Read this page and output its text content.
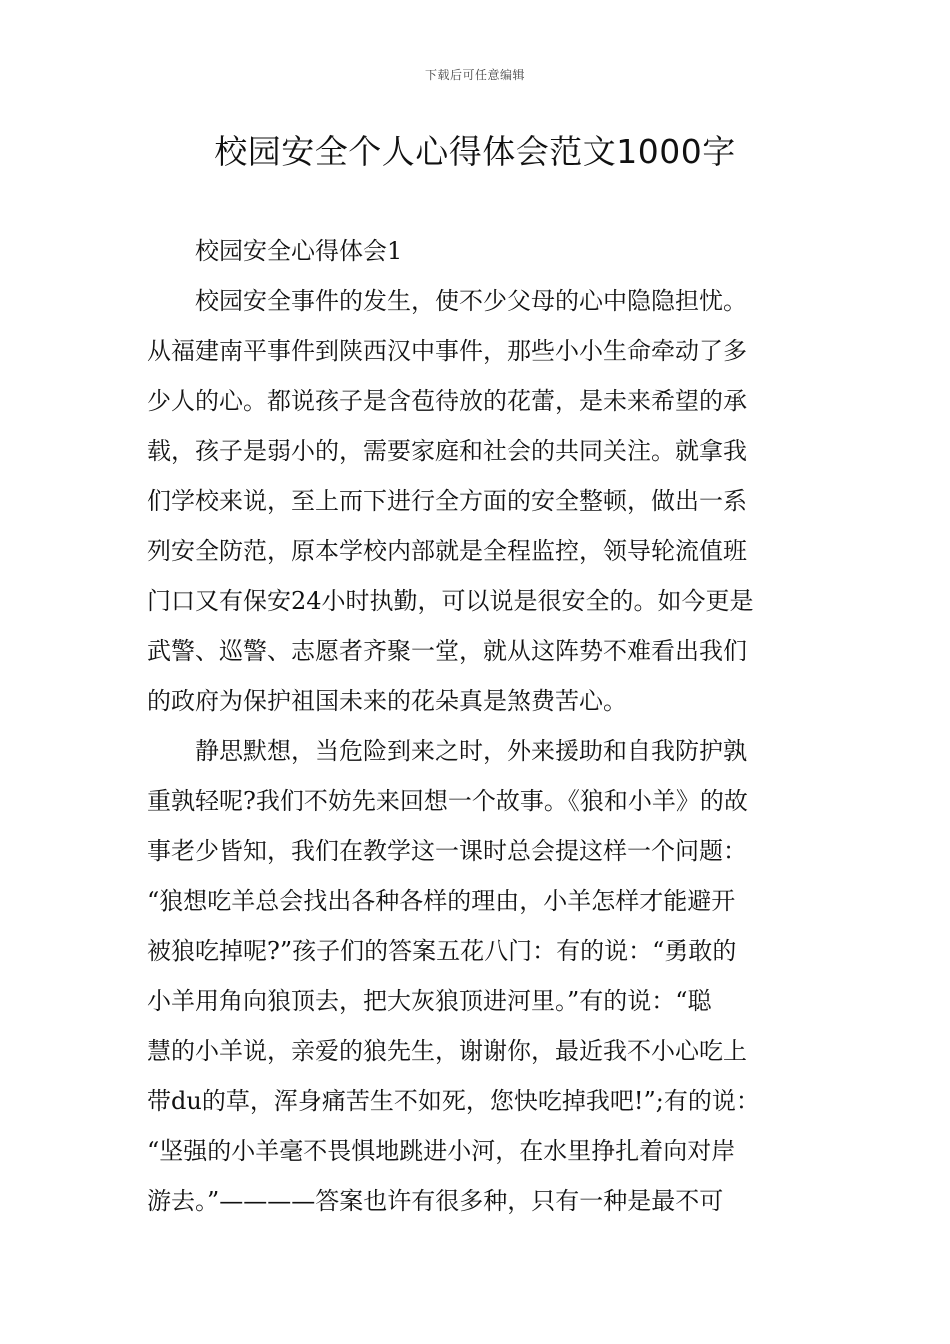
下载后可任意编辑
校园安全个人心得体会范文1000字
校园安全心得体会1
校园安全事件的发生，使不少父母的心中隐隐担忧。
从福建南平事件到陕西汉中事件，那些小小生命牵动了多
少人的心。都说孩子是含苞待放的花蕾，是未来希望的承
载，孩子是弱小的，需要家庭和社会的共同关注。就拿我
们学校来说，至上而下进行全方面的安全整顿，做出一系
列安全防范，原本学校内部就是全程监控，领导轮流值班
门口又有保安24小时执勤，可以说是很安全的。如今更是
武警、巡警、志愿者齐聚一堂，就从这阵势不难看出我们
的政府为保护祖国未来的花朵真是煞费苦心。
静思默想，当危险到来之时，外来援助和自我防护孰
重孰轻呢?我们不妨先来回想一个故事。《狼和小羊》的故
事老少皆知，我们在教学这一课时总会提这样一个问题：
“狼想吃羊总会找出各种各样的理由，小羊怎样才能避开
被狼吃掉呢?”孩子们的答案五花八门：有的说：“勇敢的
小羊用角向狼顶去，把大灰狼顶进河里。”有的说：“聪
慧的小羊说，亲爱的狼先生，谢谢你，最近我不小心吃上
带du的草，浑身痛苦生不如死，您快吃掉我吧!”;有的说：
“坚强的小羊毫不畏惧地跳进小河，在水里挣扎着向对岸
游去。”————答案也许有很多种，只有一种是最不可
